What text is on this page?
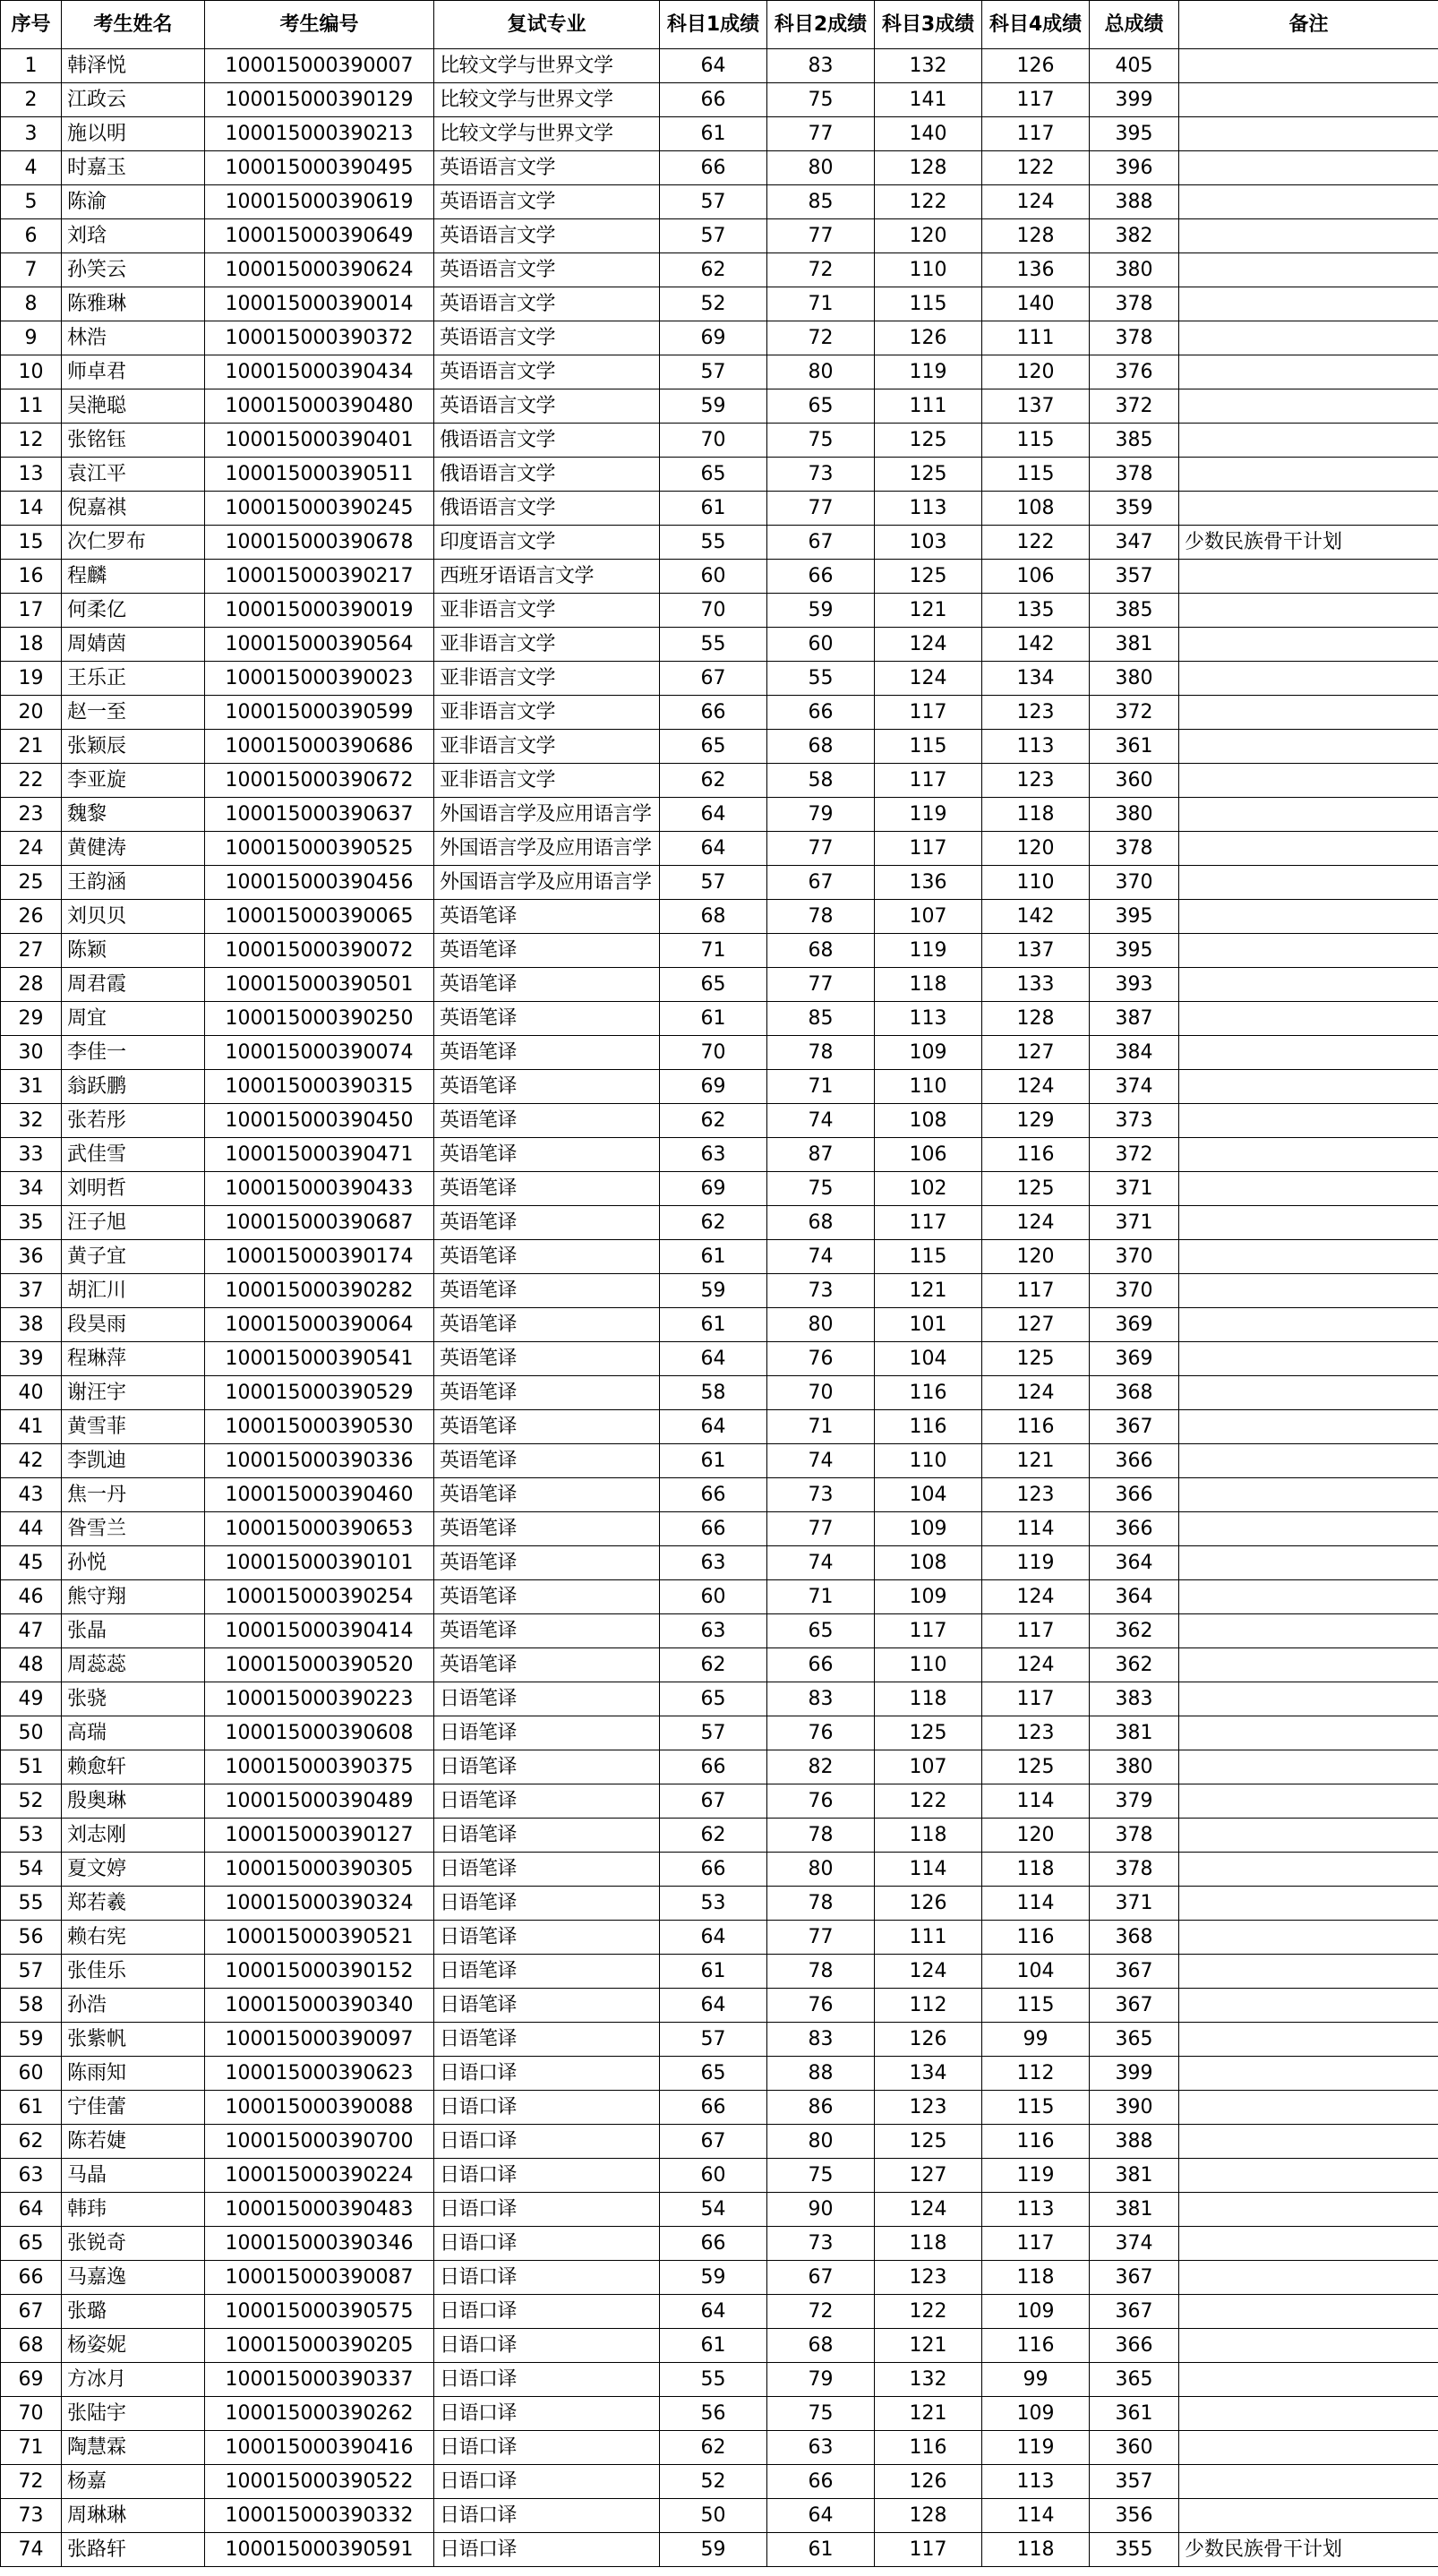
序号	考生姓名	考生编号	复试专业	科目1成绩	科目2成绩	科目3成绩	科目4成绩	总成绩	备注
1	韩泽悦	100015000390007	比较文学与世界文学	64	83	132	126	405	
2	江政云	100015000390129	比较文学与世界文学	66	75	141	117	399	
3	施以明	100015000390213	比较文学与世界文学	61	77	140	117	395	
4	时嘉玉	100015000390495	英语语言文学	66	80	128	122	396	
5	陈渝	100015000390619	英语语言文学	57	85	122	124	388	
6	刘琀	100015000390649	英语语言文学	57	77	120	128	382	
7	孙笑云	100015000390624	英语语言文学	62	72	110	136	380	
8	陈雅琳	100015000390014	英语语言文学	52	71	115	140	378	
9	林浩	100015000390372	英语语言文学	69	72	126	111	378	
10	师卓君	100015000390434	英语语言文学	57	80	119	120	376	
11	吴滟聪	100015000390480	英语语言文学	59	65	111	137	372	
12	张铭钰	100015000390401	俄语语言文学	70	75	125	115	385	
13	袁江平	100015000390511	俄语语言文学	65	73	125	115	378	
14	倪嘉祺	100015000390245	俄语语言文学	61	77	113	108	359	
15	次仁罗布	100015000390678	印度语言文学	55	67	103	122	347	少数民族骨干计划
16	程麟	100015000390217	西班牙语语言文学	60	66	125	106	357	
17	何柔亿	100015000390019	亚非语言文学	70	59	121	135	385	
18	周婧茵	100015000390564	亚非语言文学	55	60	124	142	381	
19	王乐正	100015000390023	亚非语言文学	67	55	124	134	380	
20	赵一至	100015000390599	亚非语言文学	66	66	117	123	372	
21	张颖辰	100015000390686	亚非语言文学	65	68	115	113	361	
22	李亚旋	100015000390672	亚非语言文学	62	58	117	123	360	
23	魏黎	100015000390637	外国语言学及应用语言学	64	79	119	118	380	
24	黄健涛	100015000390525	外国语言学及应用语言学	64	77	117	120	378	
25	王韵涵	100015000390456	外国语言学及应用语言学	57	67	136	110	370	
26	刘贝贝	100015000390065	英语笔译	68	78	107	142	395	
27	陈颖	100015000390072	英语笔译	71	68	119	137	395	
28	周君霞	100015000390501	英语笔译	65	77	118	133	393	
29	周宜	100015000390250	英语笔译	61	85	113	128	387	
30	李佳一	100015000390074	英语笔译	70	78	109	127	384	
31	翁跃鹏	100015000390315	英语笔译	69	71	110	124	374	
32	张若彤	100015000390450	英语笔译	62	74	108	129	373	
33	武佳雪	100015000390471	英语笔译	63	87	106	116	372	
34	刘明哲	100015000390433	英语笔译	69	75	102	125	371	
35	汪子旭	100015000390687	英语笔译	62	68	117	124	371	
36	黄子宜	100015000390174	英语笔译	61	74	115	120	370	
37	胡汇川	100015000390282	英语笔译	59	73	121	117	370	
38	段昊雨	100015000390064	英语笔译	61	80	101	127	369	
39	程琳萍	100015000390541	英语笔译	64	76	104	125	369	
40	谢汪宇	100015000390529	英语笔译	58	70	116	124	368	
41	黄雪菲	100015000390530	英语笔译	64	71	116	116	367	
42	李凯迪	100015000390336	英语笔译	61	74	110	121	366	
43	焦一丹	100015000390460	英语笔译	66	73	104	123	366	
44	昝雪兰	100015000390653	英语笔译	66	77	109	114	366	
45	孙悦	100015000390101	英语笔译	63	74	108	119	364	
46	熊守翔	100015000390254	英语笔译	60	71	109	124	364	
47	张晶	100015000390414	英语笔译	63	65	117	117	362	
48	周蕊蕊	100015000390520	英语笔译	62	66	110	124	362	
49	张骁	100015000390223	日语笔译	65	83	118	117	383	
50	高瑞	100015000390608	日语笔译	57	76	125	123	381	
51	赖愈轩	100015000390375	日语笔译	66	82	107	125	380	
52	殷奥琳	100015000390489	日语笔译	67	76	122	114	379	
53	刘志刚	100015000390127	日语笔译	62	78	118	120	378	
54	夏文婷	100015000390305	日语笔译	66	80	114	118	378	
55	郑若羲	100015000390324	日语笔译	53	78	126	114	371	
56	赖右宪	100015000390521	日语笔译	64	77	111	116	368	
57	张佳乐	100015000390152	日语笔译	61	78	124	104	367	
58	孙浩	100015000390340	日语笔译	64	76	112	115	367	
59	张紫帆	100015000390097	日语笔译	57	83	126	99	365	
60	陈雨知	100015000390623	日语口译	65	88	134	112	399	
61	宁佳蕾	100015000390088	日语口译	66	86	123	115	390	
62	陈若婕	100015000390700	日语口译	67	80	125	116	388	
63	马晶	100015000390224	日语口译	60	75	127	119	381	
64	韩玮	100015000390483	日语口译	54	90	124	113	381	
65	张锐奇	100015000390346	日语口译	66	73	118	117	374	
66	马嘉逸	100015000390087	日语口译	59	67	123	118	367	
67	张璐	100015000390575	日语口译	64	72	122	109	367	
68	杨姿妮	100015000390205	日语口译	61	68	121	116	366	
69	方冰月	100015000390337	日语口译	55	79	132	99	365	
70	张陆宇	100015000390262	日语口译	56	75	121	109	361	
71	陶慧霖	100015000390416	日语口译	62	63	116	119	360	
72	杨嘉	100015000390522	日语口译	52	66	126	113	357	
73	周琳琳	100015000390332	日语口译	50	64	128	114	356	
74	张路轩	100015000390591	日语口译	59	61	117	118	355	少数民族骨干计划
